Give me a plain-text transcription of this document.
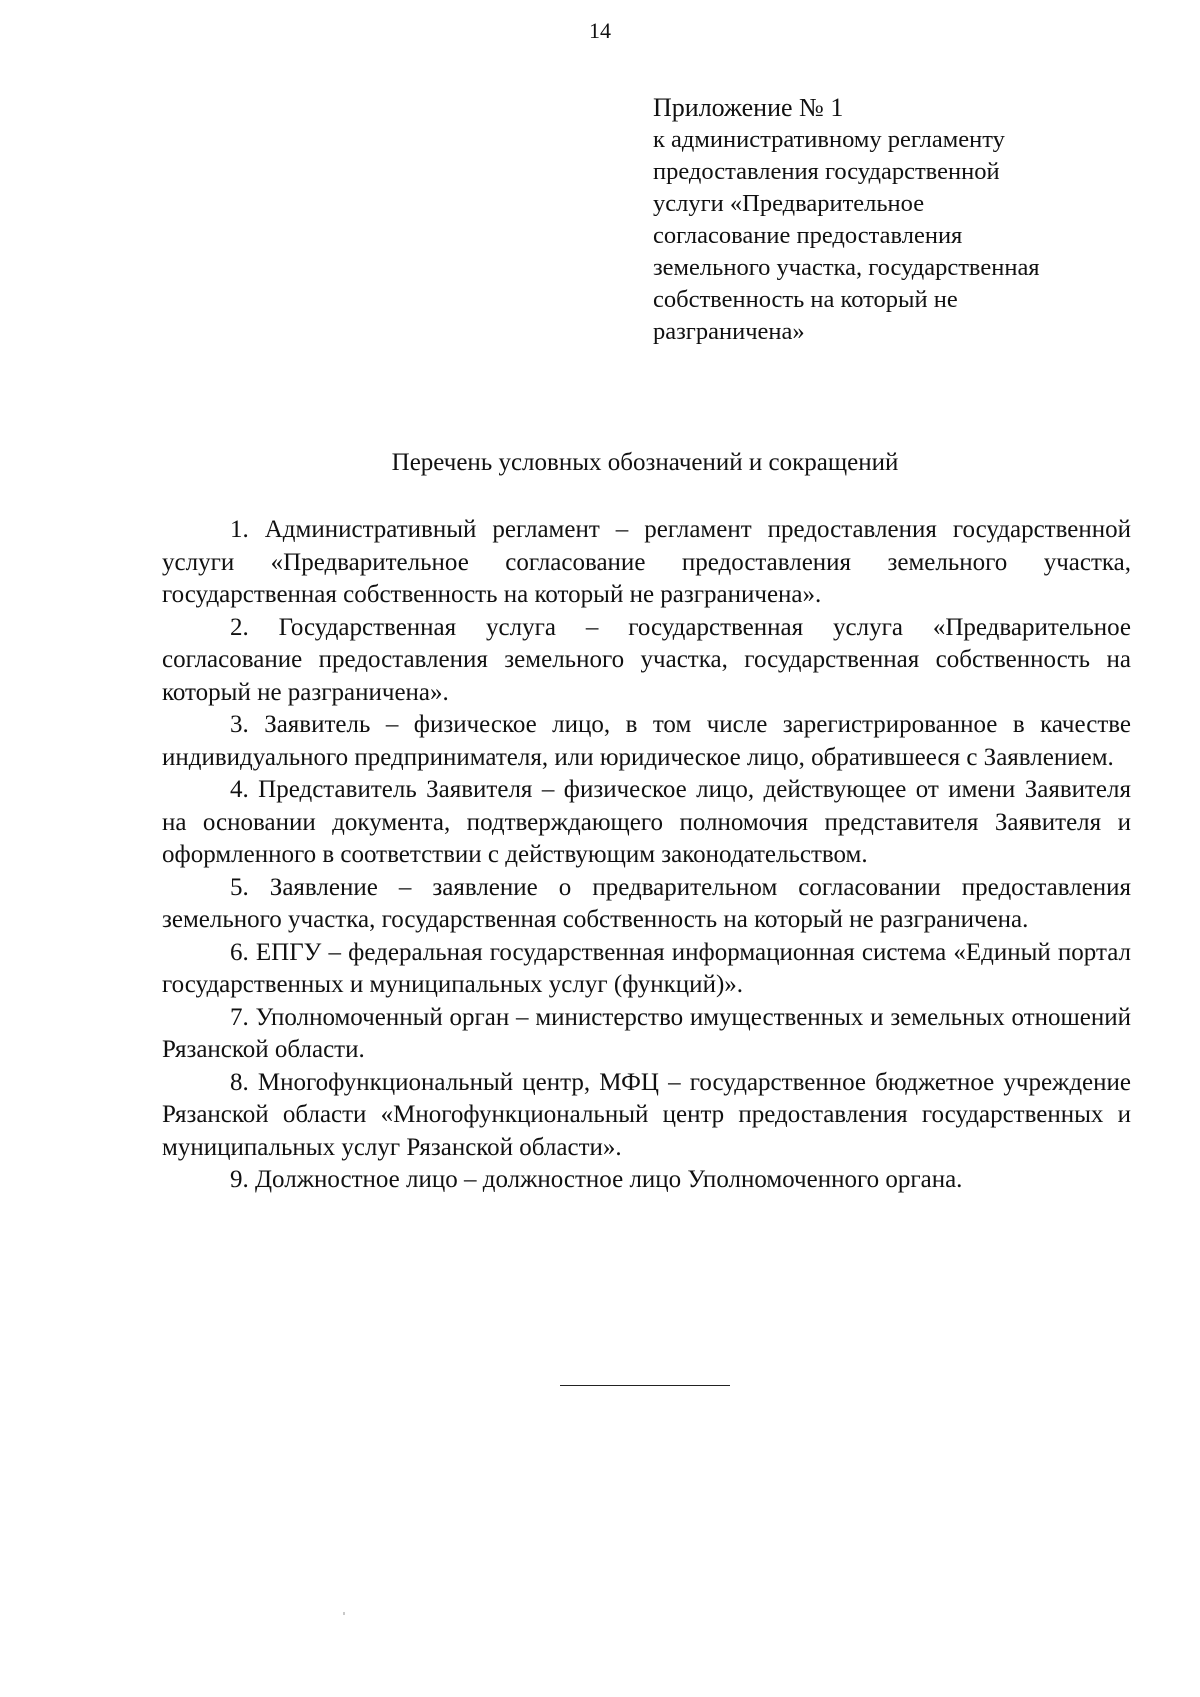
14
Приложение № 1
к административному регламенту
предоставления государственной
услуги «Предварительное
согласование предоставления
земельного участка, государственная
собственность на который не
разграничена»
Перечень условных обозначений и сокращений

1. Административный регламент – регламент предоставления государственной услуги «Предварительное согласование предоставления земельного участка, государственная собственность на который не разграничена».

2. Государственная услуга – государственная услуга «Предварительное согласование предоставления земельного участка, государственная собственность на который не разграничена».

3. Заявитель – физическое лицо, в том числе зарегистрированное в качестве индивидуального предпринимателя, или юридическое лицо, обратившееся с Заявлением.

4. Представитель Заявителя – физическое лицо, действующее от имени Заявителя на основании документа, подтверждающего полномочия представителя Заявителя и оформленного в соответствии с действующим законодательством.

5. Заявление – заявление о предварительном согласовании предоставления земельного участка, государственная собственность на который не разграничена.

6. ЕПГУ – федеральная государственная информационная система «Единый портал государственных и муниципальных услуг (функций)».

7. Уполномоченный орган – министерство имущественных и земельных отношений Рязанской области.

8. Многофункциональный центр, МФЦ – государственное бюджетное учреждение Рязанской области «Многофункциональный центр предоставления государственных и муниципальных услуг Рязанской области».

9. Должностное лицо – должностное лицо Уполномоченного органа.
